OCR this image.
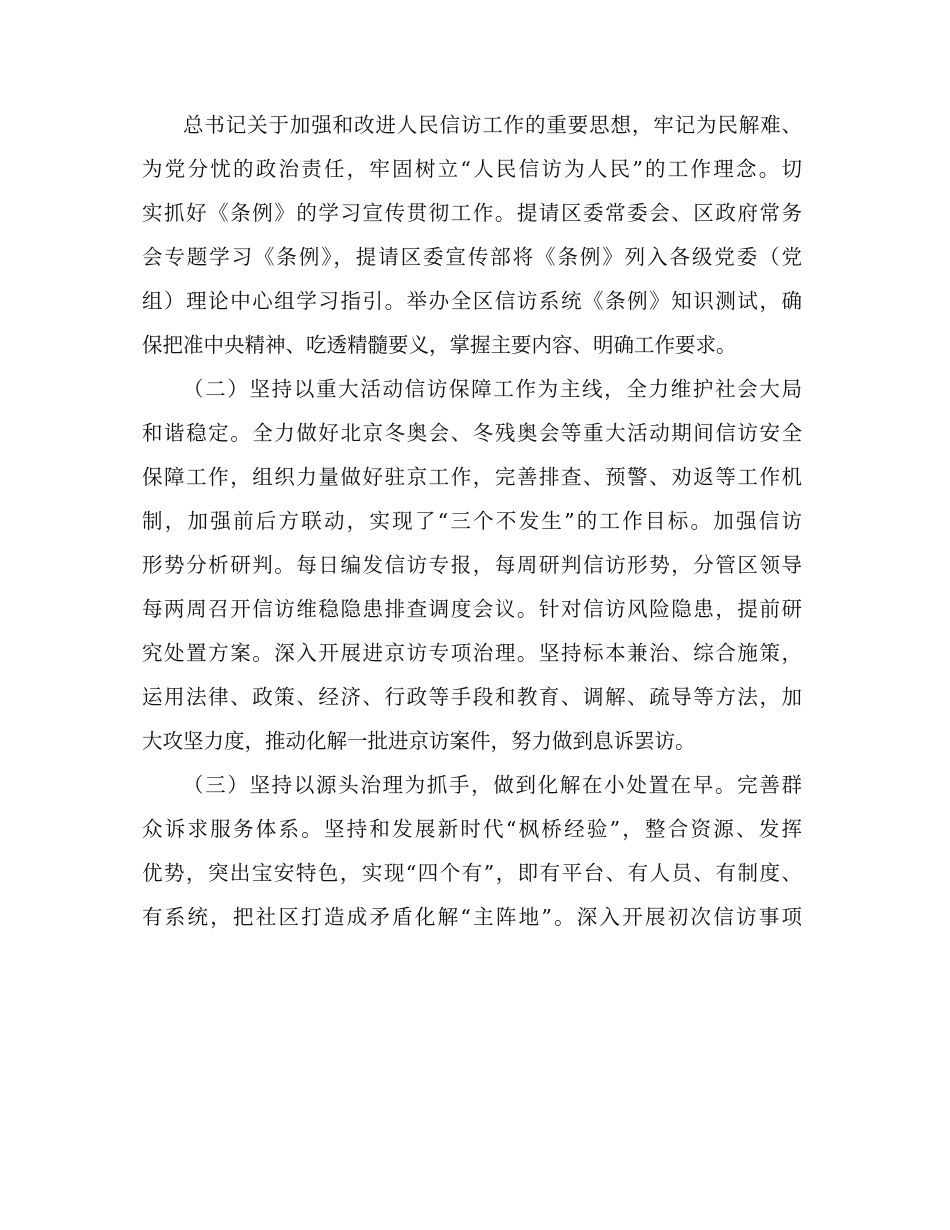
总书记关于加强和改进人民信访工作的重要思想，牢记为民解难、
为党分忧的政治责任，牢固树立“人民信访为人民”的工作理念。切
实抓好《条例》的学习宣传贯彻工作。提请区委常委会、区政府常务
会专题学习《条例》，提请区委宣传部将《条例》列入各级党委（党
组）理论中心组学习指引。举办全区信访系统《条例》知识测试，确
保把准中央精神、吃透精髓要义，掌握主要内容、明确工作要求。
（二）坚持以重大活动信访保障工作为主线，全力维护社会大局
和谐稳定。全力做好北京冬奥会、冬残奥会等重大活动期间信访安全
保障工作，组织力量做好驻京工作，完善排查、预警、劝返等工作机
制，加强前后方联动，实现了“三个不发生”的工作目标。加强信访
形势分析研判。每日编发信访专报，每周研判信访形势，分管区领导
每两周召开信访维稳隐患排查调度会议。针对信访风险隐患，提前研
究处置方案。深入开展进京访专项治理。坚持标本兼治、综合施策，
运用法律、政策、经济、行政等手段和教育、调解、疏导等方法，加
大攻坚力度，推动化解一批进京访案件，努力做到息诉罢访。
（三）坚持以源头治理为抓手，做到化解在小处置在早。完善群
众诉求服务体系。坚持和发展新时代“枫桥经验”，整合资源、发挥
优势，突出宝安特色，实现“四个有”，即有平台、有人员、有制度、
有系统，把社区打造成矛盾化解“主阵地”。深入开展初次信访事项
